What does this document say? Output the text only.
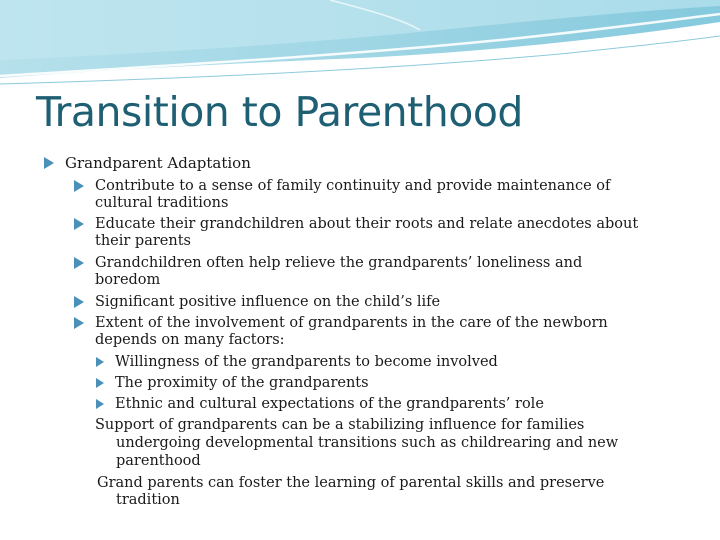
Transition to Parenthood
Grandparent Adaptation
Contribute to a sense of family continuity and provide maintenance of
cultural traditions
Educate their grandchildren about their roots and relate anecdotes about
their parents
Grandchildren often help relieve the grandparents’ loneliness and
boredom
Significant positive influence on the child’s life
Extent of the involvement of grandparents in the care of the newborn
depends on many factors:
Willingness of the grandparents to become involved
The proximity of the grandparents
Ethnic and cultural expectations of the grandparents’ role
Support of grandparents can be a stabilizing influence for families
undergoing developmental transitions such as childrearing and new
parenthood
Grand parents can foster the learning of parental skills and preserve
tradition
